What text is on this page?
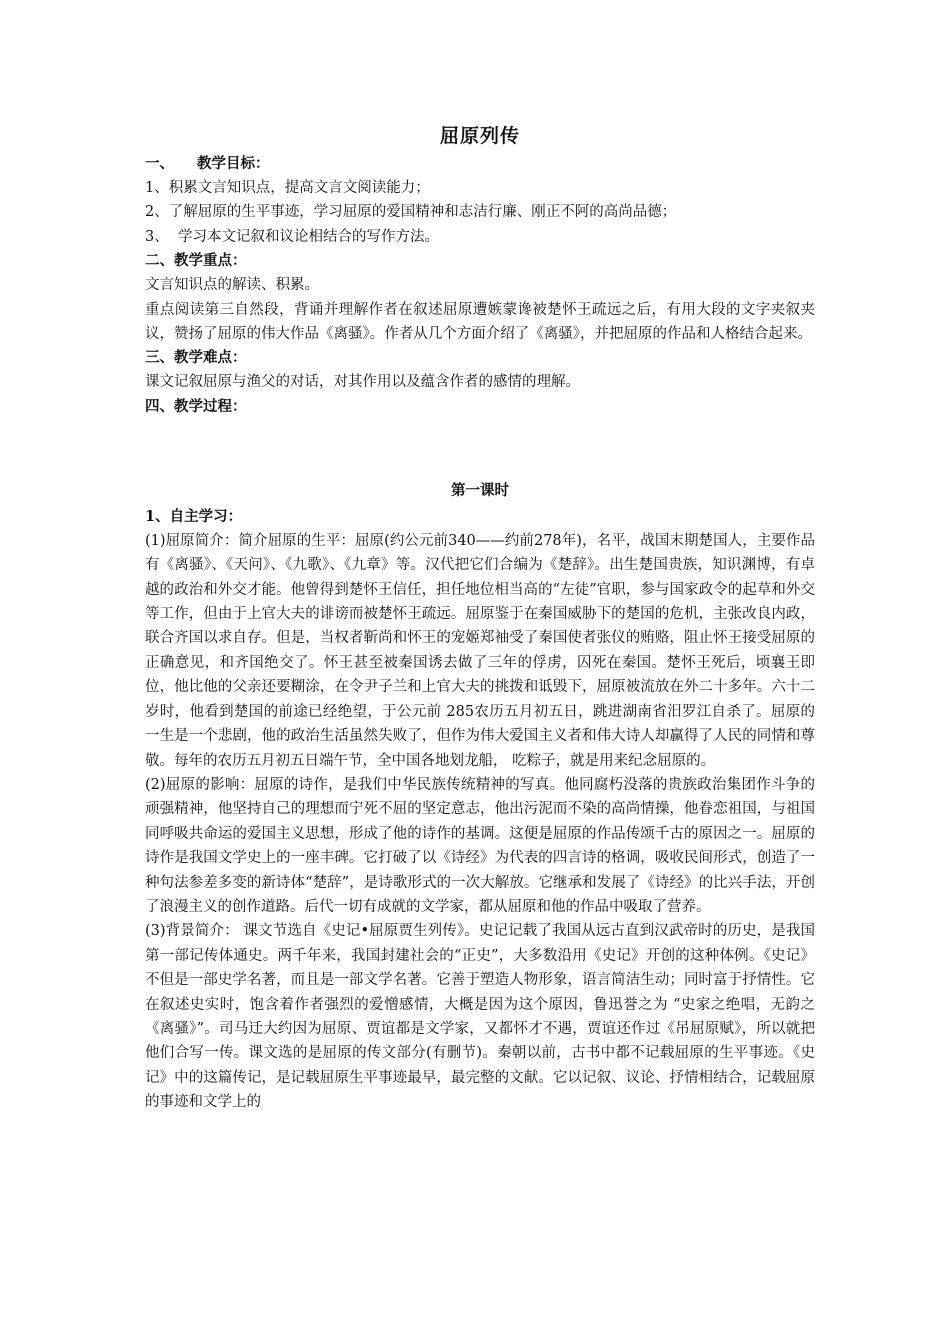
屈原列传

一、 教学目标：

1、积累文言知识点，提高文言文阅读能力；

2、了解屈原的生平事迹，学习屈原的爱国精神和志洁行廉、刚正不阿的高尚品德；

3、  学习本文记叙和议论相结合的写作方法。

二、教学重点：

文言知识点的解读、积累。

重点阅读第三自然段，背诵并理解作者在叙述屈原遭嫉蒙谗被楚怀王疏远之后，有用大段的文字夹叙夹议，赞扬了屈原的伟大作品《离骚》。作者从几个方面介绍了《离骚》，并把屈原的作品和人格结合起来。

三、教学难点：

课文记叙屈原与渔父的对话，对其作用以及蕴含作者的感情的理解。

四、教学过程：

第一课时

1、自主学习：

(1)屈原简介：简介屈原的生平：屈原(约公元前340——约前278年)，名平，战国末期楚国人，主要作品有《离骚》、《天问》、《九歌》、《九章》等。汉代把它们合编为《楚辞》。出生楚国贵族，知识渊博，有卓越的政治和外交才能。他曾得到楚怀王信任，担任地位相当高的“左徒”官职，参与国家政令的起草和外交等工作，但由于上官大夫的诽谤而被楚怀王疏远。屈原鉴于在秦国威胁下的楚国的危机，主张改良内政，联合齐国以求自存。但是，当权者靳尚和怀王的宠姬郑袖受了秦国使者张仪的贿赂，阻止怀王接受屈原的正确意见，和齐国绝交了。怀王甚至被秦国诱去做了三年的俘虏，囚死在秦国。楚怀王死后，顷襄王即位，他比他的父亲还要糊涂，在令尹子兰和上官大夫的挑拨和诋毁下，屈原被流放在外二十多年。六十二岁时，他看到楚国的前途已经绝望，于公元前 285农历五月初五日，跳进湖南省汨罗江自杀了。屈原的一生是一个悲剧，他的政治生活虽然失败了，但作为伟大爱国主义者和伟大诗人却赢得了人民的同情和尊敬。每年的农历五月初五日端午节，全中国各地划龙船， 吃粽子，就是用来纪念屈原的。

(2)屈原的影响：屈原的诗作，是我们中华民族传统精神的写真。他同腐朽没落的贵族政治集团作斗争的顽强精神，他坚持自己的理想而宁死不屈的坚定意志，他出污泥而不染的高尚情操，他眷恋祖国，与祖国同呼吸共命运的爱国主义思想，形成了他的诗作的基调。这便是屈原的作品传颂千古的原因之一。屈原的诗作是我国文学史上的一座丰碑。它打破了以《诗经》为代表的四言诗的格调，吸收民间形式，创造了一种句法参差多变的新诗体“楚辞”，是诗歌形式的一次大解放。它继承和发展了《诗经》的比兴手法，开创了浪漫主义的创作道路。后代一切有成就的文学家，都从屈原和他的作品中吸取了营养。

(3)背景简介： 课文节选自《史记•屈原贾生列传》。史记记载了我国从远古直到汉武帝时的历史，是我国第一部记传体通史。两千年来，我国封建社会的“正史”，大多数沿用《史记》开创的这种体例。《史记》不但是一部史学名著，而且是一部文学名著。它善于塑造人物形象，语言简洁生动；同时富于抒情性。它在叙述史实时，饱含着作者强烈的爱憎感情，大概是因为这个原因，鲁迅誉之为 “史家之绝唱，无韵之《离骚》”。司马迁大约因为屈原、贾谊都是文学家，又都怀才不遇，贾谊还作过《吊屈原赋》，所以就把他们合写一传。课文选的是屈原的传文部分(有删节)。秦朝以前，古书中都不记载屈原的生平事迹。《史记》中的这篇传记，是记载屈原生平事迹最早，最完整的文献。它以记叙、议论、抒情相结合，记载屈原的事迹和文学上的
